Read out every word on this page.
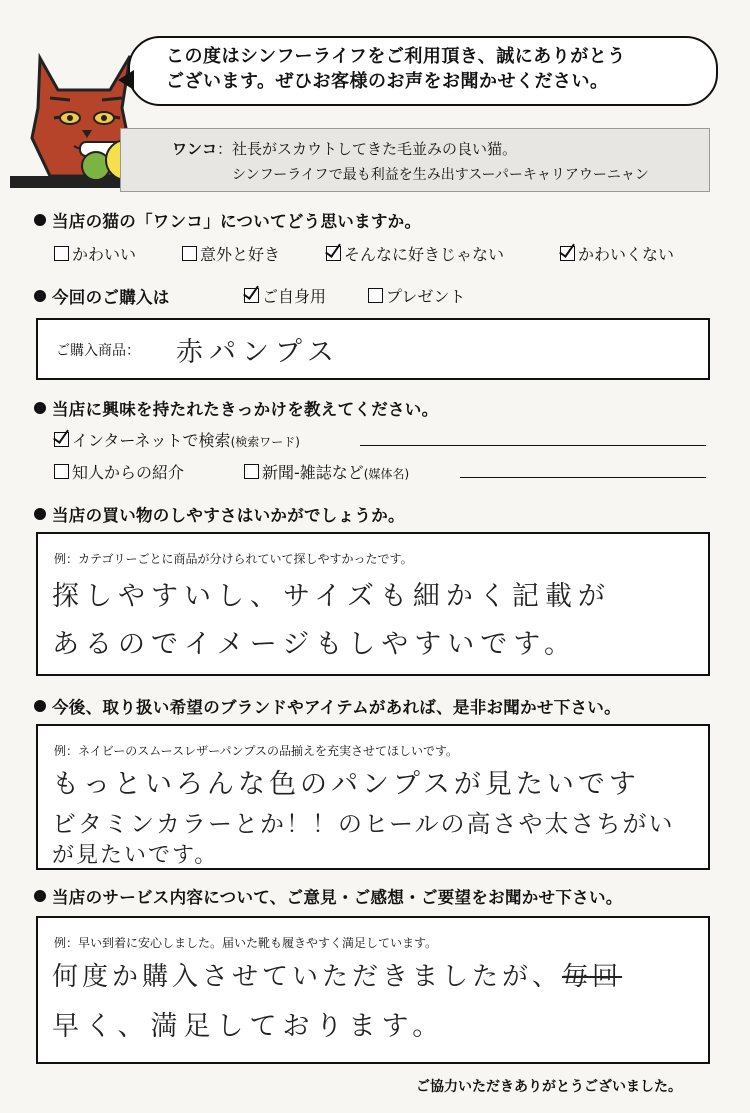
この度はシンフーライフをご利用頂き、誠にありがとう
ございます。ぜひお客様のお声をお聞かせください。
ワンコ：社長がスカウトしてきた毛並みの良い猫。
シンフーライフで最も利益を生み出すスーパーキャリアウーニャン
当店の猫の「ワンコ」についてどう思いますか。
かわいい	意外と好き	そんなに好きじゃない	かわいくない
今回のご購入は	ご自身用	プレゼント
ご購入商品： 赤パンプス
当店に興味を持たれたきっかけを教えてください。
インターネットで検索(検索ワード)
知人からの紹介	新聞-雑誌など(媒体名)
当店の買い物のしやすさはいかがでしょうか。
例：カテゴリーごとに商品が分けられていて探しやすかったです。
探しやすいし、サイズも細かく記載が
あるのでイメージもしやすいです。
今後、取り扱い希望のブランドやアイテムがあれば、是非お聞かせ下さい。
例：ネイビーのスムースレザーパンプスの品揃えを充実させてほしいです。
もっといろんな色のパンプスが見たいです
ビタミンカラーとか！！のヒールの高さや太さちがい
が見たいです。
当店のサービス内容について、ご意見・ご感想・ご要望をお聞かせ下さい。
例：早い到着に安心しました。届いた靴も履きやすく満足しています。
何度か購入させていただきましたが、毎回
早く、満足しております。
ご協力いただきありがとうございました。
